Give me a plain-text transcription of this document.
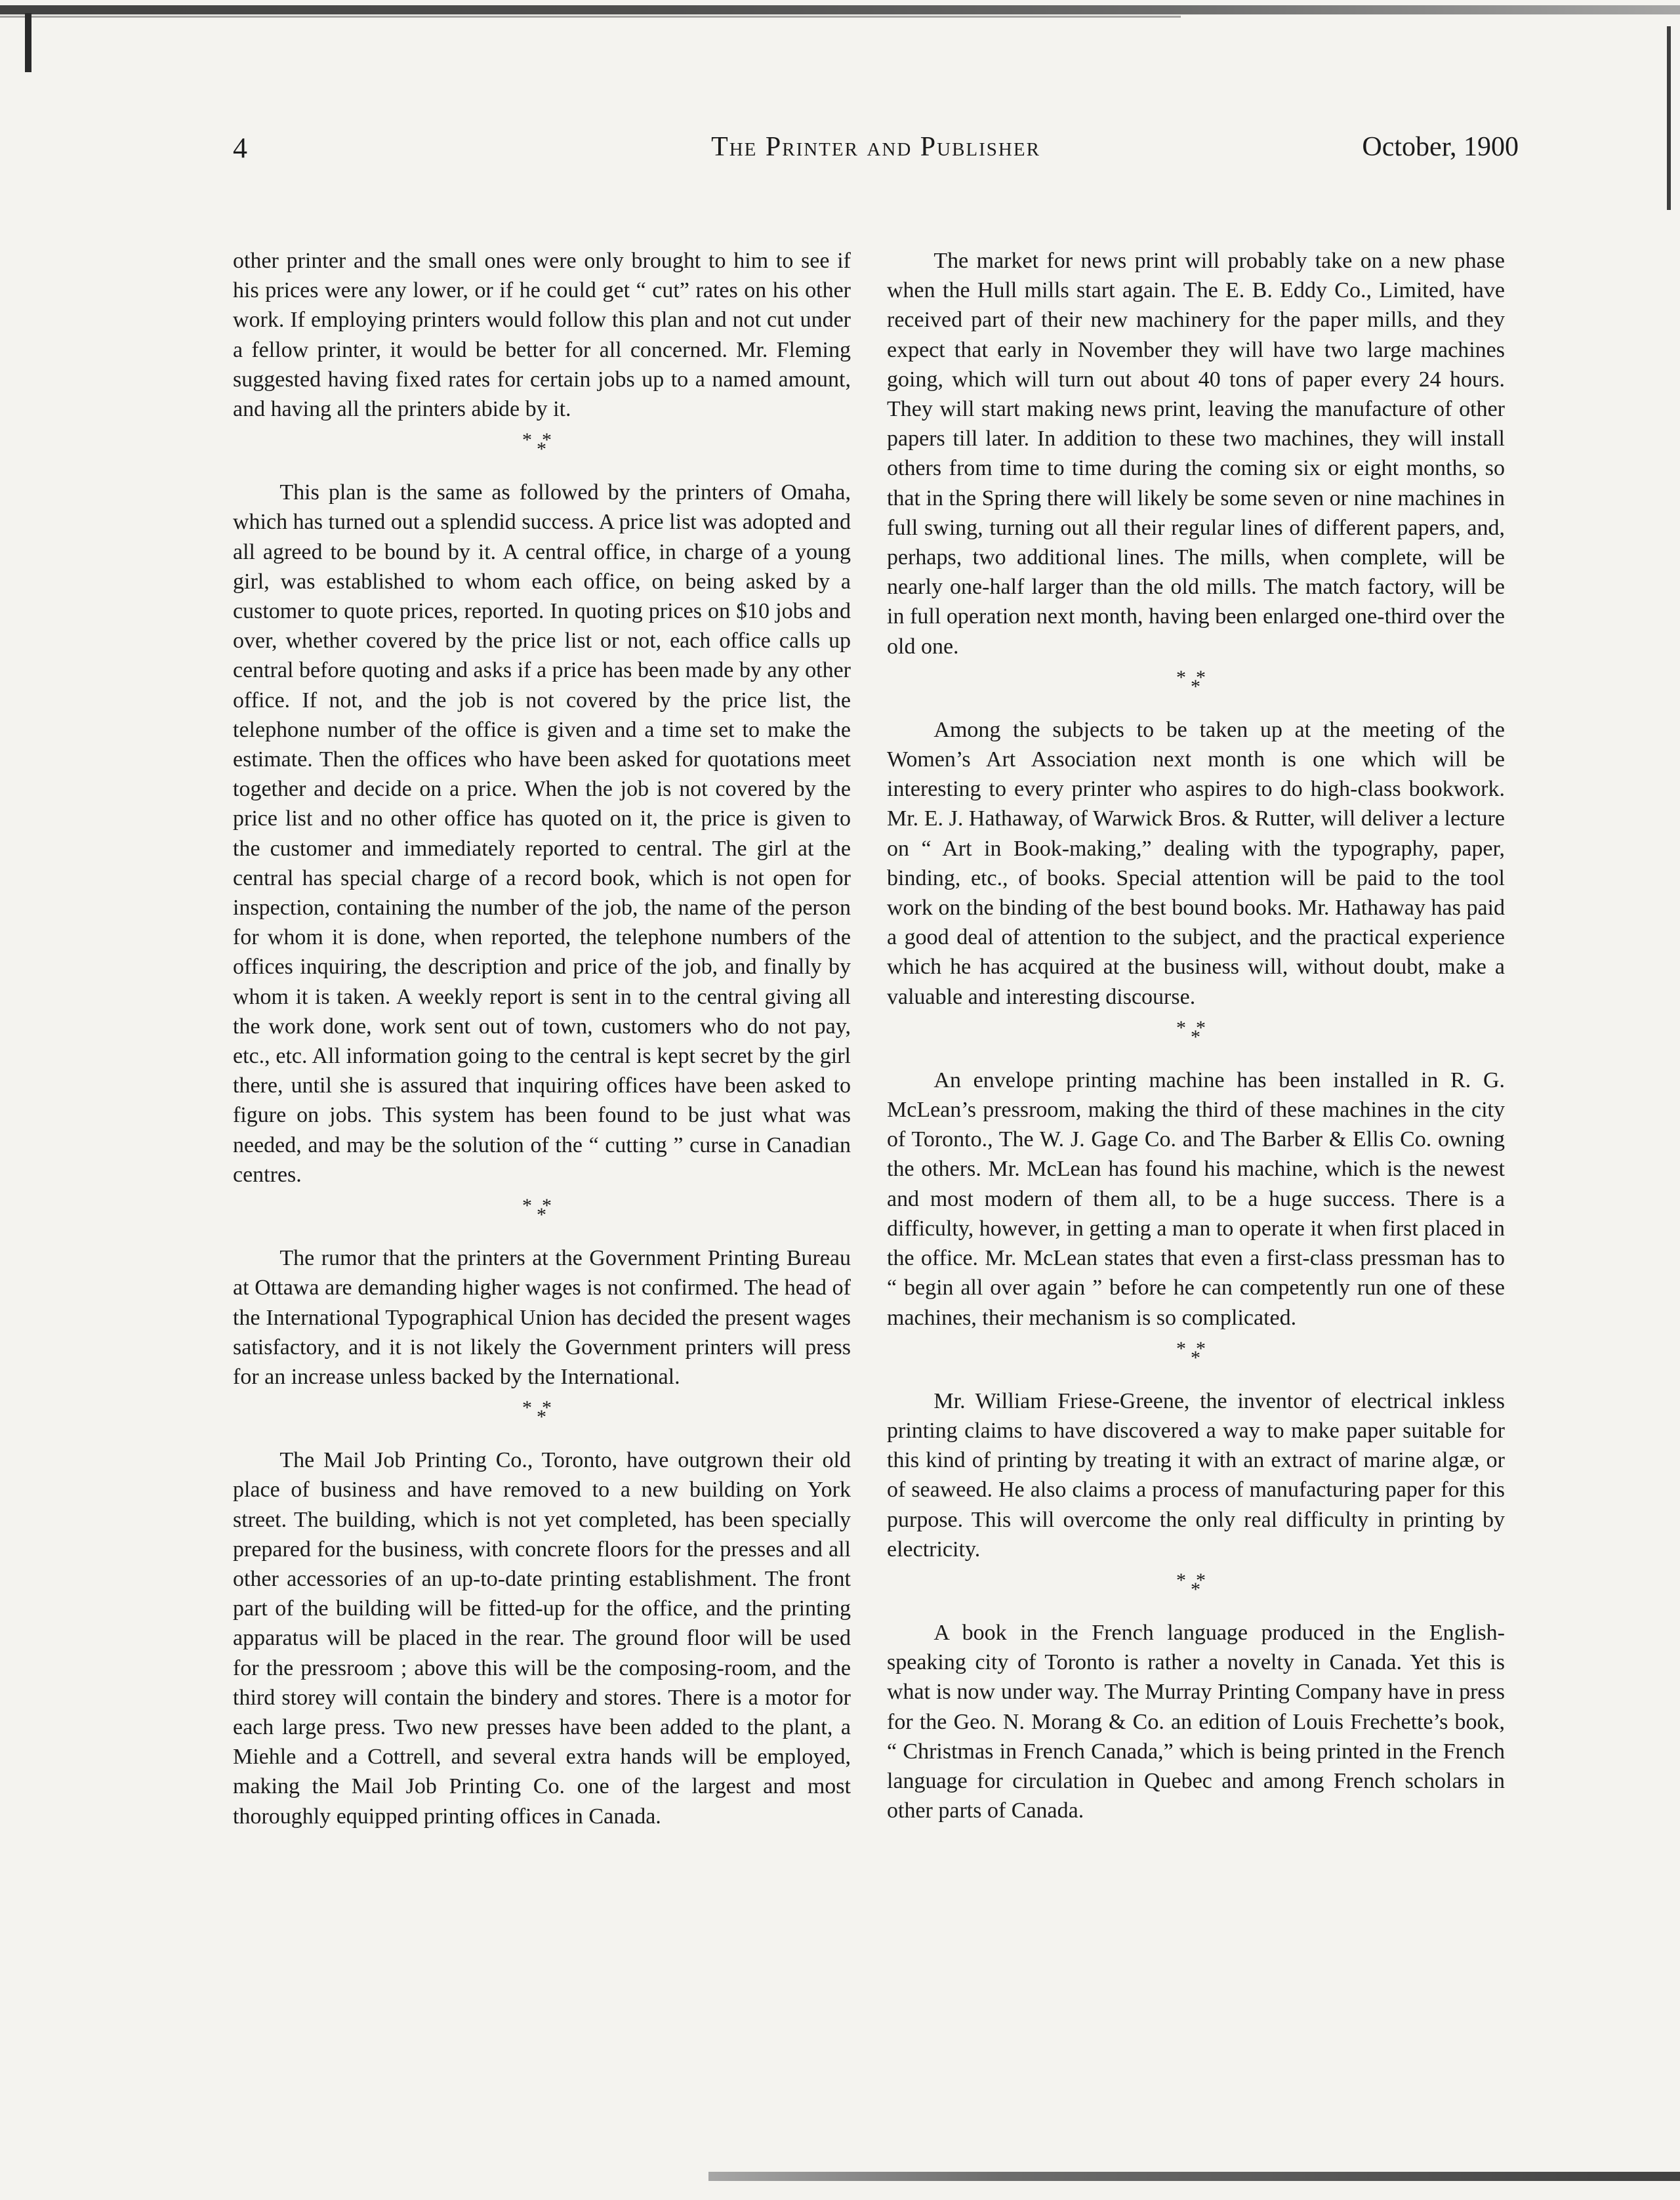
4	The Printer and Publisher	October, 1900

other printer and the small ones were only brought to him to see if his prices were any lower, or if he could get “ cut” rates on his other work. If employing printers would follow this plan and not cut under a fellow printer, it would be better for all concerned. Mr. Fleming suggested having fixed rates for certain jobs up to a named amount, and having all the printers abide by it.

* * *

This plan is the same as followed by the printers of Omaha, which has turned out a splendid success. A price list was adopted and all agreed to be bound by it. A central office, in charge of a young girl, was established to whom each office, on being asked by a customer to quote prices, reported. In quoting prices on $10 jobs and over, whether covered by the price list or not, each office calls up central before quoting and asks if a price has been made by any other office. If not, and the job is not covered by the price list, the telephone number of the office is given and a time set to make the estimate. Then the offices who have been asked for quotations meet together and decide on a price. When the job is not covered by the price list and no other office has quoted on it, the price is given to the customer and immediately reported to central. The girl at the central has special charge of a record book, which is not open for inspection, containing the number of the job, the name of the person for whom it is done, when reported, the telephone numbers of the offices inquiring, the description and price of the job, and finally by whom it is taken. A weekly report is sent in to the central giving all the work done, work sent out of town, customers who do not pay, etc., etc. All information going to the central is kept secret by the girl there, until she is assured that inquiring offices have been asked to figure on jobs. This system has been found to be just what was needed, and may be the solution of the “ cutting ” curse in Canadian centres.

* * *

The rumor that the printers at the Government Printing Bureau at Ottawa are demanding higher wages is not confirmed. The head of the International Typographical Union has decided the present wages satisfactory, and it is not likely the Government printers will press for an increase unless backed by the International.

* * *

The Mail Job Printing Co., Toronto, have outgrown their old place of business and have removed to a new building on York street. The building, which is not yet completed, has been specially prepared for the business, with concrete floors for the presses and all other accessories of an up-to-date printing establishment. The front part of the building will be fitted-up for the office, and the printing apparatus will be placed in the rear. The ground floor will be used for the pressroom ; above this will be the composing-room, and the third storey will contain the bindery and stores. There is a motor for each large press. Two new presses have been added to the plant, a Miehle and a Cottrell, and several extra hands will be employed, making the Mail Job Printing Co. one of the largest and most thoroughly equipped printing offices in Canada.

The market for news print will probably take on a new phase when the Hull mills start again. The E. B. Eddy Co., Limited, have received part of their new machinery for the paper mills, and they expect that early in November they will have two large machines going, which will turn out about 40 tons of paper every 24 hours. They will start making news print, leaving the manufacture of other papers till later. In addition to these two machines, they will install others from time to time during the coming six or eight months, so that in the Spring there will likely be some seven or nine machines in full swing, turning out all their regular lines of different papers, and, perhaps, two additional lines. The mills, when complete, will be nearly one-half larger than the old mills. The match factory, will be in full operation next month, having been enlarged one-third over the old one.

* * *

Among the subjects to be taken up at the meeting of the Women’s Art Association next month is one which will be interesting to every printer who aspires to do high-class bookwork. Mr. E. J. Hathaway, of Warwick Bros. & Rutter, will deliver a lecture on “ Art in Book-making,” dealing with the typography, paper, binding, etc., of books. Special attention will be paid to the tool work on the binding of the best bound books. Mr. Hathaway has paid a good deal of attention to the subject, and the practical experience which he has acquired at the business will, without doubt, make a valuable and interesting discourse.

* * *

An envelope printing machine has been installed in R. G. McLean’s pressroom, making the third of these machines in the city of Toronto., The W. J. Gage Co. and The Barber & Ellis Co. owning the others. Mr. McLean has found his machine, which is the newest and most modern of them all, to be a huge success. There is a difficulty, however, in getting a man to operate it when first placed in the office. Mr. McLean states that even a first-class pressman has to “ begin all over again ” before he can competently run one of these machines, their mechanism is so complicated.

* * *

Mr. William Friese-Greene, the inventor of electrical inkless printing claims to have discovered a way to make paper suitable for this kind of printing by treating it with an extract of marine algæ, or of seaweed. He also claims a process of manufacturing paper for this purpose. This will overcome the only real difficulty in printing by electricity.

* * *

A book in the French language produced in the English-speaking city of Toronto is rather a novelty in Canada. Yet this is what is now under way. The Murray Printing Company have in press for the Geo. N. Morang & Co. an edition of Louis Frechette’s book, “ Christmas in French Canada,” which is being printed in the French language for circulation in Quebec and among French scholars in other parts of Canada.
